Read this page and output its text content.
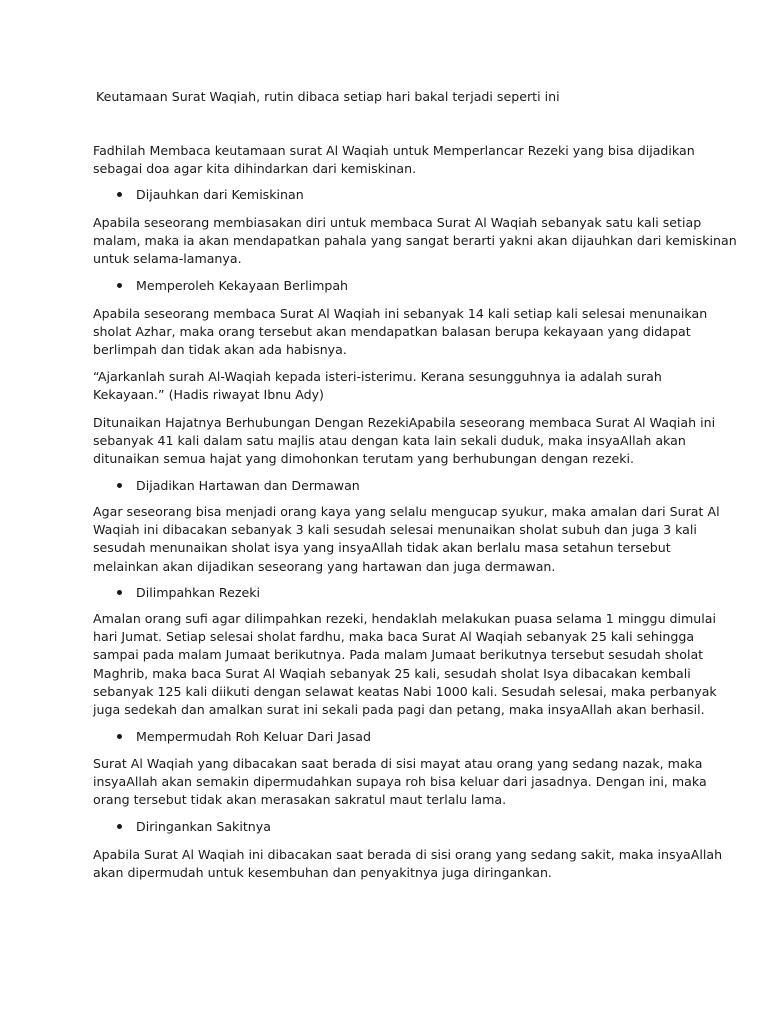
Keutamaan Surat Waqiah, rutin dibaca setiap hari bakal terjadi seperti ini

Fadhilah Membaca keutamaan surat Al Waqiah untuk Memperlancar Rezeki yang bisa dijadikan
sebagai doa agar kita dihindarkan dari kemiskinan.

Dijauhkan dari Kemiskinan

Apabila seseorang membiasakan diri untuk membaca Surat Al Waqiah sebanyak satu kali setiap
malam, maka ia akan mendapatkan pahala yang sangat berarti yakni akan dijauhkan dari kemiskinan
untuk selama-lamanya.

Memperoleh Kekayaan Berlimpah

Apabila seseorang membaca Surat Al Waqiah ini sebanyak 14 kali setiap kali selesai menunaikan
sholat Azhar, maka orang tersebut akan mendapatkan balasan berupa kekayaan yang didapat
berlimpah dan tidak akan ada habisnya.

“Ajarkanlah surah Al-Waqiah kepada isteri-isterimu. Kerana sesungguhnya ia adalah surah
Kekayaan.” (Hadis riwayat Ibnu Ady)

Ditunaikan Hajatnya Berhubungan Dengan RezekiApabila seseorang membaca Surat Al Waqiah ini
sebanyak 41 kali dalam satu majlis atau dengan kata lain sekali duduk, maka insyaAllah akan
ditunaikan semua hajat yang dimohonkan terutam yang berhubungan dengan rezeki.

Dijadikan Hartawan dan Dermawan

Agar seseorang bisa menjadi orang kaya yang selalu mengucap syukur, maka amalan dari Surat Al
Waqiah ini dibacakan sebanyak 3 kali sesudah selesai menunaikan sholat subuh dan juga 3 kali
sesudah menunaikan sholat isya yang insyaAllah tidak akan berlalu masa setahun tersebut
melainkan akan dijadikan seseorang yang hartawan dan juga dermawan.

Dilimpahkan Rezeki

Amalan orang sufi agar dilimpahkan rezeki, hendaklah melakukan puasa selama 1 minggu dimulai
hari Jumat. Setiap selesai sholat fardhu, maka baca Surat Al Waqiah sebanyak 25 kali sehingga
sampai pada malam Jumaat berikutnya. Pada malam Jumaat berikutnya tersebut sesudah sholat
Maghrib, maka baca Surat Al Waqiah sebanyak 25 kali, sesudah sholat Isya dibacakan kembali
sebanyak 125 kali diikuti dengan selawat keatas Nabi 1000 kali. Sesudah selesai, maka perbanyak
juga sedekah dan amalkan surat ini sekali pada pagi dan petang, maka insyaAllah akan berhasil.

Mempermudah Roh Keluar Dari Jasad

Surat Al Waqiah yang dibacakan saat berada di sisi mayat atau orang yang sedang nazak, maka
insyaAllah akan semakin dipermudahkan supaya roh bisa keluar dari jasadnya. Dengan ini, maka
orang tersebut tidak akan merasakan sakratul maut terlalu lama.

Diringankan Sakitnya

Apabila Surat Al Waqiah ini dibacakan saat berada di sisi orang yang sedang sakit, maka insyaAllah
akan dipermudah untuk kesembuhan dan penyakitnya juga diringankan.
